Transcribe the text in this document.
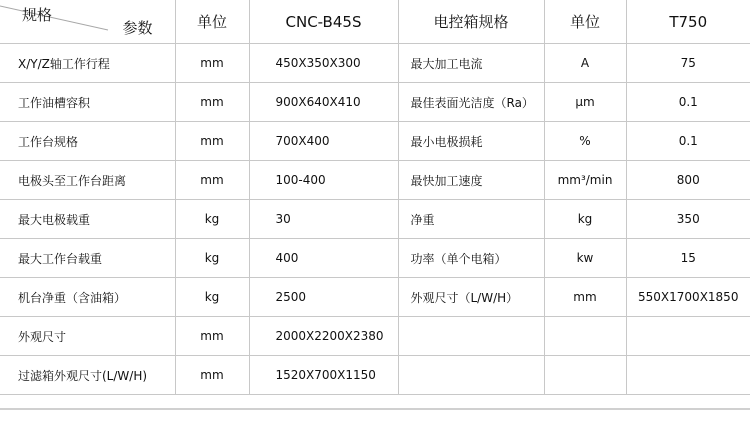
规格
参数	单位	CNC-B45S	电控箱规格	单位	T750
X/Y/Z轴工作行程	mm	450X350X300	最大加工电流	A	75
工作油槽容积	mm	900X640X410	最佳表面光洁度（Ra）	μm	0.1
工作台规格	mm	700X400	最小电极损耗	%	0.1
电极头至工作台距离	mm	100-400	最快加工速度	mm³/min	800
最大电极载重	kg	30	净重	kg	350
最大工作台载重	kg	400	功率（单个电箱）	kw	15
机台净重（含油箱）	kg	2500	外观尺寸（L/W/H）	mm	550X1700X1850
外观尺寸	mm	2000X2200X2380			
过滤箱外观尺寸(L/W/H)	mm	1520X700X1150			
